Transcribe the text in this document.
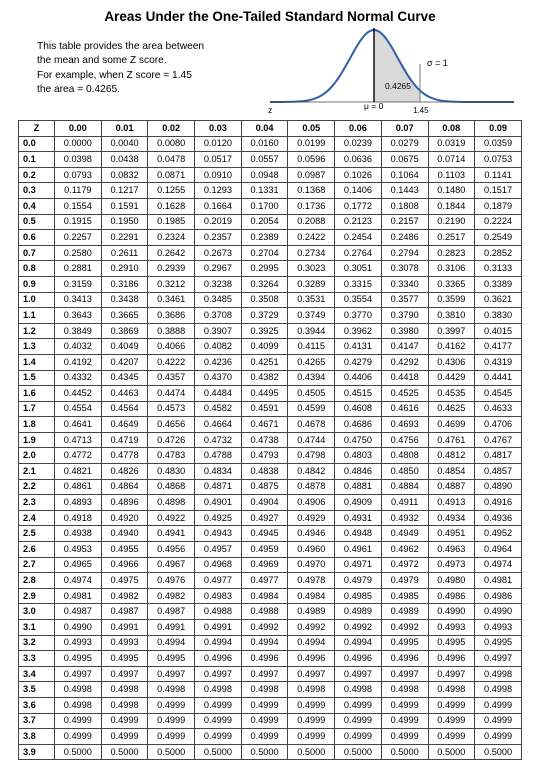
Areas Under the One-Tailed Standard Normal Curve
This table provides the area between
the mean and some Z score.
For example, when Z score = 1.45
the area = 0.4265.	0.4265
σ = 1
z	μ = 0	1.45
Z	0.00	0.01	0.02	0.03	0.04	0.05	0.06	0.07	0.08	0.09
0.0	0.0000	0.0040	0.0080	0.0120	0.0160	0.0199	0.0239	0.0279	0.0319	0.0359
0.1	0.0398	0.0438	0.0478	0.0517	0.0557	0.0596	0.0636	0.0675	0.0714	0.0753
0.2	0.0793	0.0832	0.0871	0.0910	0.0948	0.0987	0.1026	0.1064	0.1103	0.1141
0.3	0.1179	0.1217	0.1255	0.1293	0.1331	0.1368	0.1406	0.1443	0.1480	0.1517
0.4	0.1554	0.1591	0.1628	0.1664	0.1700	0.1736	0.1772	0.1808	0.1844	0.1879
0.5	0.1915	0.1950	0.1985	0.2019	0.2054	0.2088	0.2123	0.2157	0.2190	0.2224
0.6	0.2257	0.2291	0.2324	0.2357	0.2389	0.2422	0.2454	0.2486	0.2517	0.2549
0.7	0.2580	0.2611	0.2642	0.2673	0.2704	0.2734	0.2764	0.2794	0.2823	0.2852
0.8	0.2881	0.2910	0.2939	0.2967	0.2995	0.3023	0.3051	0.3078	0.3106	0.3133
0.9	0.3159	0.3186	0.3212	0.3238	0.3264	0.3289	0.3315	0.3340	0.3365	0.3389
1.0	0.3413	0.3438	0.3461	0.3485	0.3508	0.3531	0.3554	0.3577	0.3599	0.3621
1.1	0.3643	0.3665	0.3686	0.3708	0.3729	0.3749	0.3770	0.3790	0.3810	0.3830
1.2	0.3849	0.3869	0.3888	0.3907	0.3925	0.3944	0.3962	0.3980	0.3997	0.4015
1.3	0.4032	0.4049	0.4066	0.4082	0.4099	0.4115	0.4131	0.4147	0.4162	0.4177
1.4	0.4192	0.4207	0.4222	0.4236	0.4251	0.4265	0.4279	0.4292	0.4306	0.4319
1.5	0.4332	0.4345	0.4357	0.4370	0.4382	0.4394	0.4406	0.4418	0.4429	0.4441
1.6	0.4452	0.4463	0.4474	0.4484	0.4495	0.4505	0.4515	0.4525	0.4535	0.4545
1.7	0.4554	0.4564	0.4573	0.4582	0.4591	0.4599	0.4608	0.4616	0.4625	0.4633
1.8	0.4641	0.4649	0.4656	0.4664	0.4671	0.4678	0.4686	0.4693	0.4699	0.4706
1.9	0.4713	0.4719	0.4726	0.4732	0.4738	0.4744	0.4750	0.4756	0.4761	0.4767
2.0	0.4772	0.4778	0.4783	0.4788	0.4793	0.4798	0.4803	0.4808	0.4812	0.4817
2.1	0.4821	0.4826	0.4830	0.4834	0.4838	0.4842	0.4846	0.4850	0.4854	0.4857
2.2	0.4861	0.4864	0.4868	0.4871	0.4875	0.4878	0.4881	0.4884	0.4887	0.4890
2.3	0.4893	0.4896	0.4898	0.4901	0.4904	0.4906	0.4909	0.4911	0.4913	0.4916
2.4	0.4918	0.4920	0.4922	0.4925	0.4927	0.4929	0.4931	0.4932	0.4934	0.4936
2.5	0.4938	0.4940	0.4941	0.4943	0.4945	0.4946	0.4948	0.4949	0.4951	0.4952
2.6	0.4953	0.4955	0.4956	0.4957	0.4959	0.4960	0.4961	0.4962	0.4963	0.4964
2.7	0.4965	0.4966	0.4967	0.4968	0.4969	0.4970	0.4971	0.4972	0.4973	0.4974
2.8	0.4974	0.4975	0.4976	0.4977	0.4977	0.4978	0.4979	0.4979	0.4980	0.4981
2.9	0.4981	0.4982	0.4982	0.4983	0.4984	0.4984	0.4985	0.4985	0.4986	0.4986
3.0	0.4987	0.4987	0.4987	0.4988	0.4988	0.4989	0.4989	0.4989	0.4990	0.4990
3.1	0.4990	0.4991	0.4991	0.4991	0.4992	0.4992	0.4992	0.4992	0.4993	0.4993
3.2	0.4993	0.4993	0.4994	0.4994	0.4994	0.4994	0.4994	0.4995	0.4995	0.4995
3.3	0.4995	0.4995	0.4995	0.4996	0.4996	0.4996	0.4996	0.4996	0.4996	0.4997
3.4	0.4997	0.4997	0.4997	0.4997	0.4997	0.4997	0.4997	0.4997	0.4997	0.4998
3.5	0.4998	0.4998	0.4998	0.4998	0.4998	0.4998	0.4998	0.4998	0.4998	0.4998
3.6	0.4998	0.4998	0.4999	0.4999	0.4999	0.4999	0.4999	0.4999	0.4999	0.4999
3.7	0.4999	0.4999	0.4999	0.4999	0.4999	0.4999	0.4999	0.4999	0.4999	0.4999
3.8	0.4999	0.4999	0.4999	0.4999	0.4999	0.4999	0.4999	0.4999	0.4999	0.4999
3.9	0.5000	0.5000	0.5000	0.5000	0.5000	0.5000	0.5000	0.5000	0.5000	0.5000
